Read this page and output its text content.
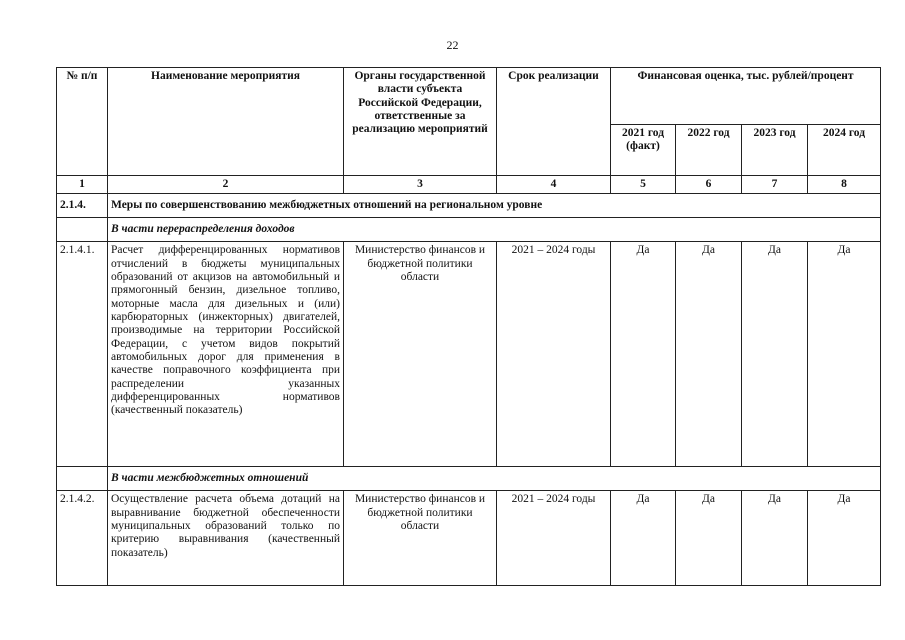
22
№ п/п	Наименование мероприятия	Органы государственной власти субъекта Российской Федерации, ответственные за реализацию мероприятий	Срок реализации	Финансовая оценка, тыс. рублей/процент			
				2021 год (факт)	2022 год	2023 год	2024 год
1	2	3	4	5	6	7	8
2.1.4.	Меры по совершенствованию межбюджетных отношений на региональном уровне						
	В части перераспределения доходов						
2.1.4.1.	Расчет дифференцированных нормативов отчислений в бюджеты муниципальных образований от акцизов на автомобильный и прямогонный бензин, дизельное топливо, моторные масла для дизельных и (или) карбюраторных (инжекторных) двигателей, производимые на территории Российской Федерации, с учетом видов покрытий автомобильных дорог для применения в качестве поправочного коэффициента при распределении указанных дифференцированных нормативов (качественный показатель)	Министерство финансов и бюджетной политики области	2021 – 2024 годы	Да	Да	Да	Да
	В части межбюджетных отношений						
2.1.4.2.	Осуществление расчета объема дотаций на выравнивание бюджетной обеспеченности муниципальных образований только по критерию выравнивания (качественный показатель)	Министерство финансов и бюджетной политики области	2021 – 2024 годы	Да	Да	Да	Да
